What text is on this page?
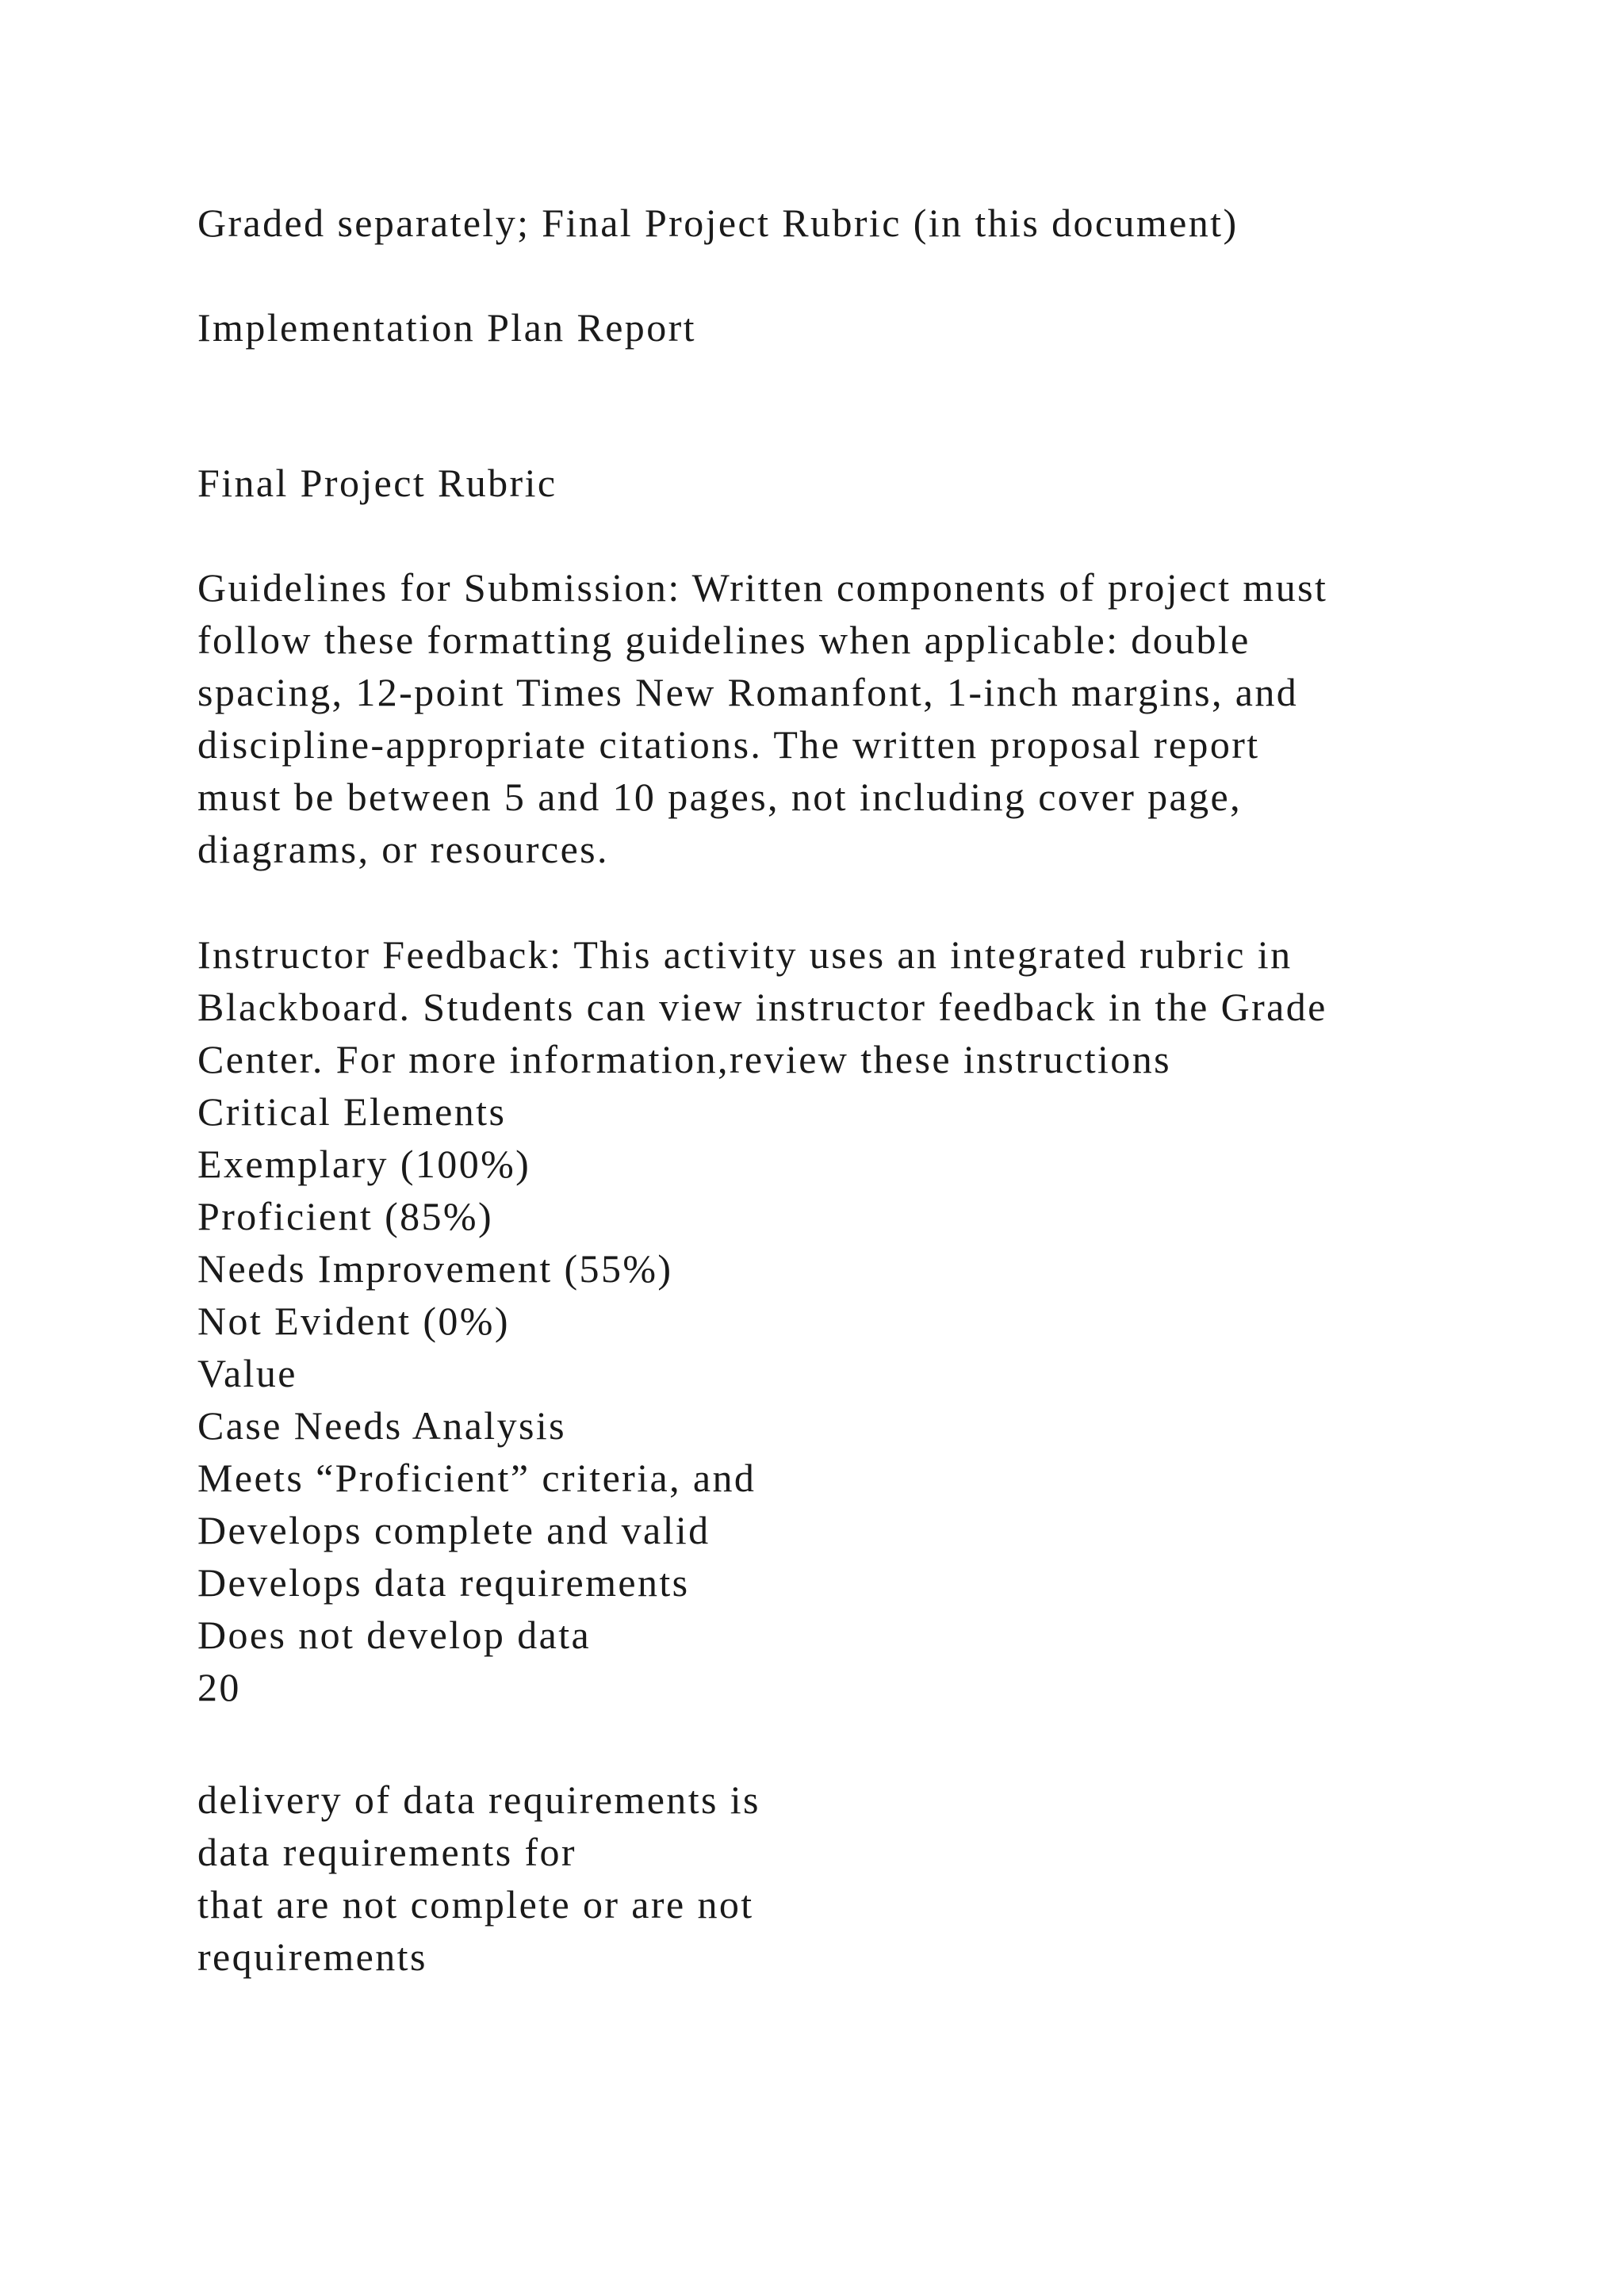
Graded separately; Final Project Rubric (in this document)
Implementation Plan Report
Final Project Rubric
Guidelines for Submission: Written components of project must
follow these formatting guidelines when applicable: double
spacing, 12-point Times New Romanfont, 1-inch margins, and
discipline-appropriate citations. The written proposal report
must be between 5 and 10 pages, not including cover page,
diagrams, or resources.
Instructor Feedback: This activity uses an integrated rubric in
Blackboard. Students can view instructor feedback in the Grade
Center. For more information,review these instructions
Critical Elements
Exemplary (100%)
Proficient (85%)
Needs Improvement (55%)
Not Evident (0%)
Value
Case Needs Analysis
Meets “Proficient” criteria, and
Develops complete and valid
Develops data requirements
Does not develop data
20
delivery of data requirements is
data requirements for
that are not complete or are not
requirements
